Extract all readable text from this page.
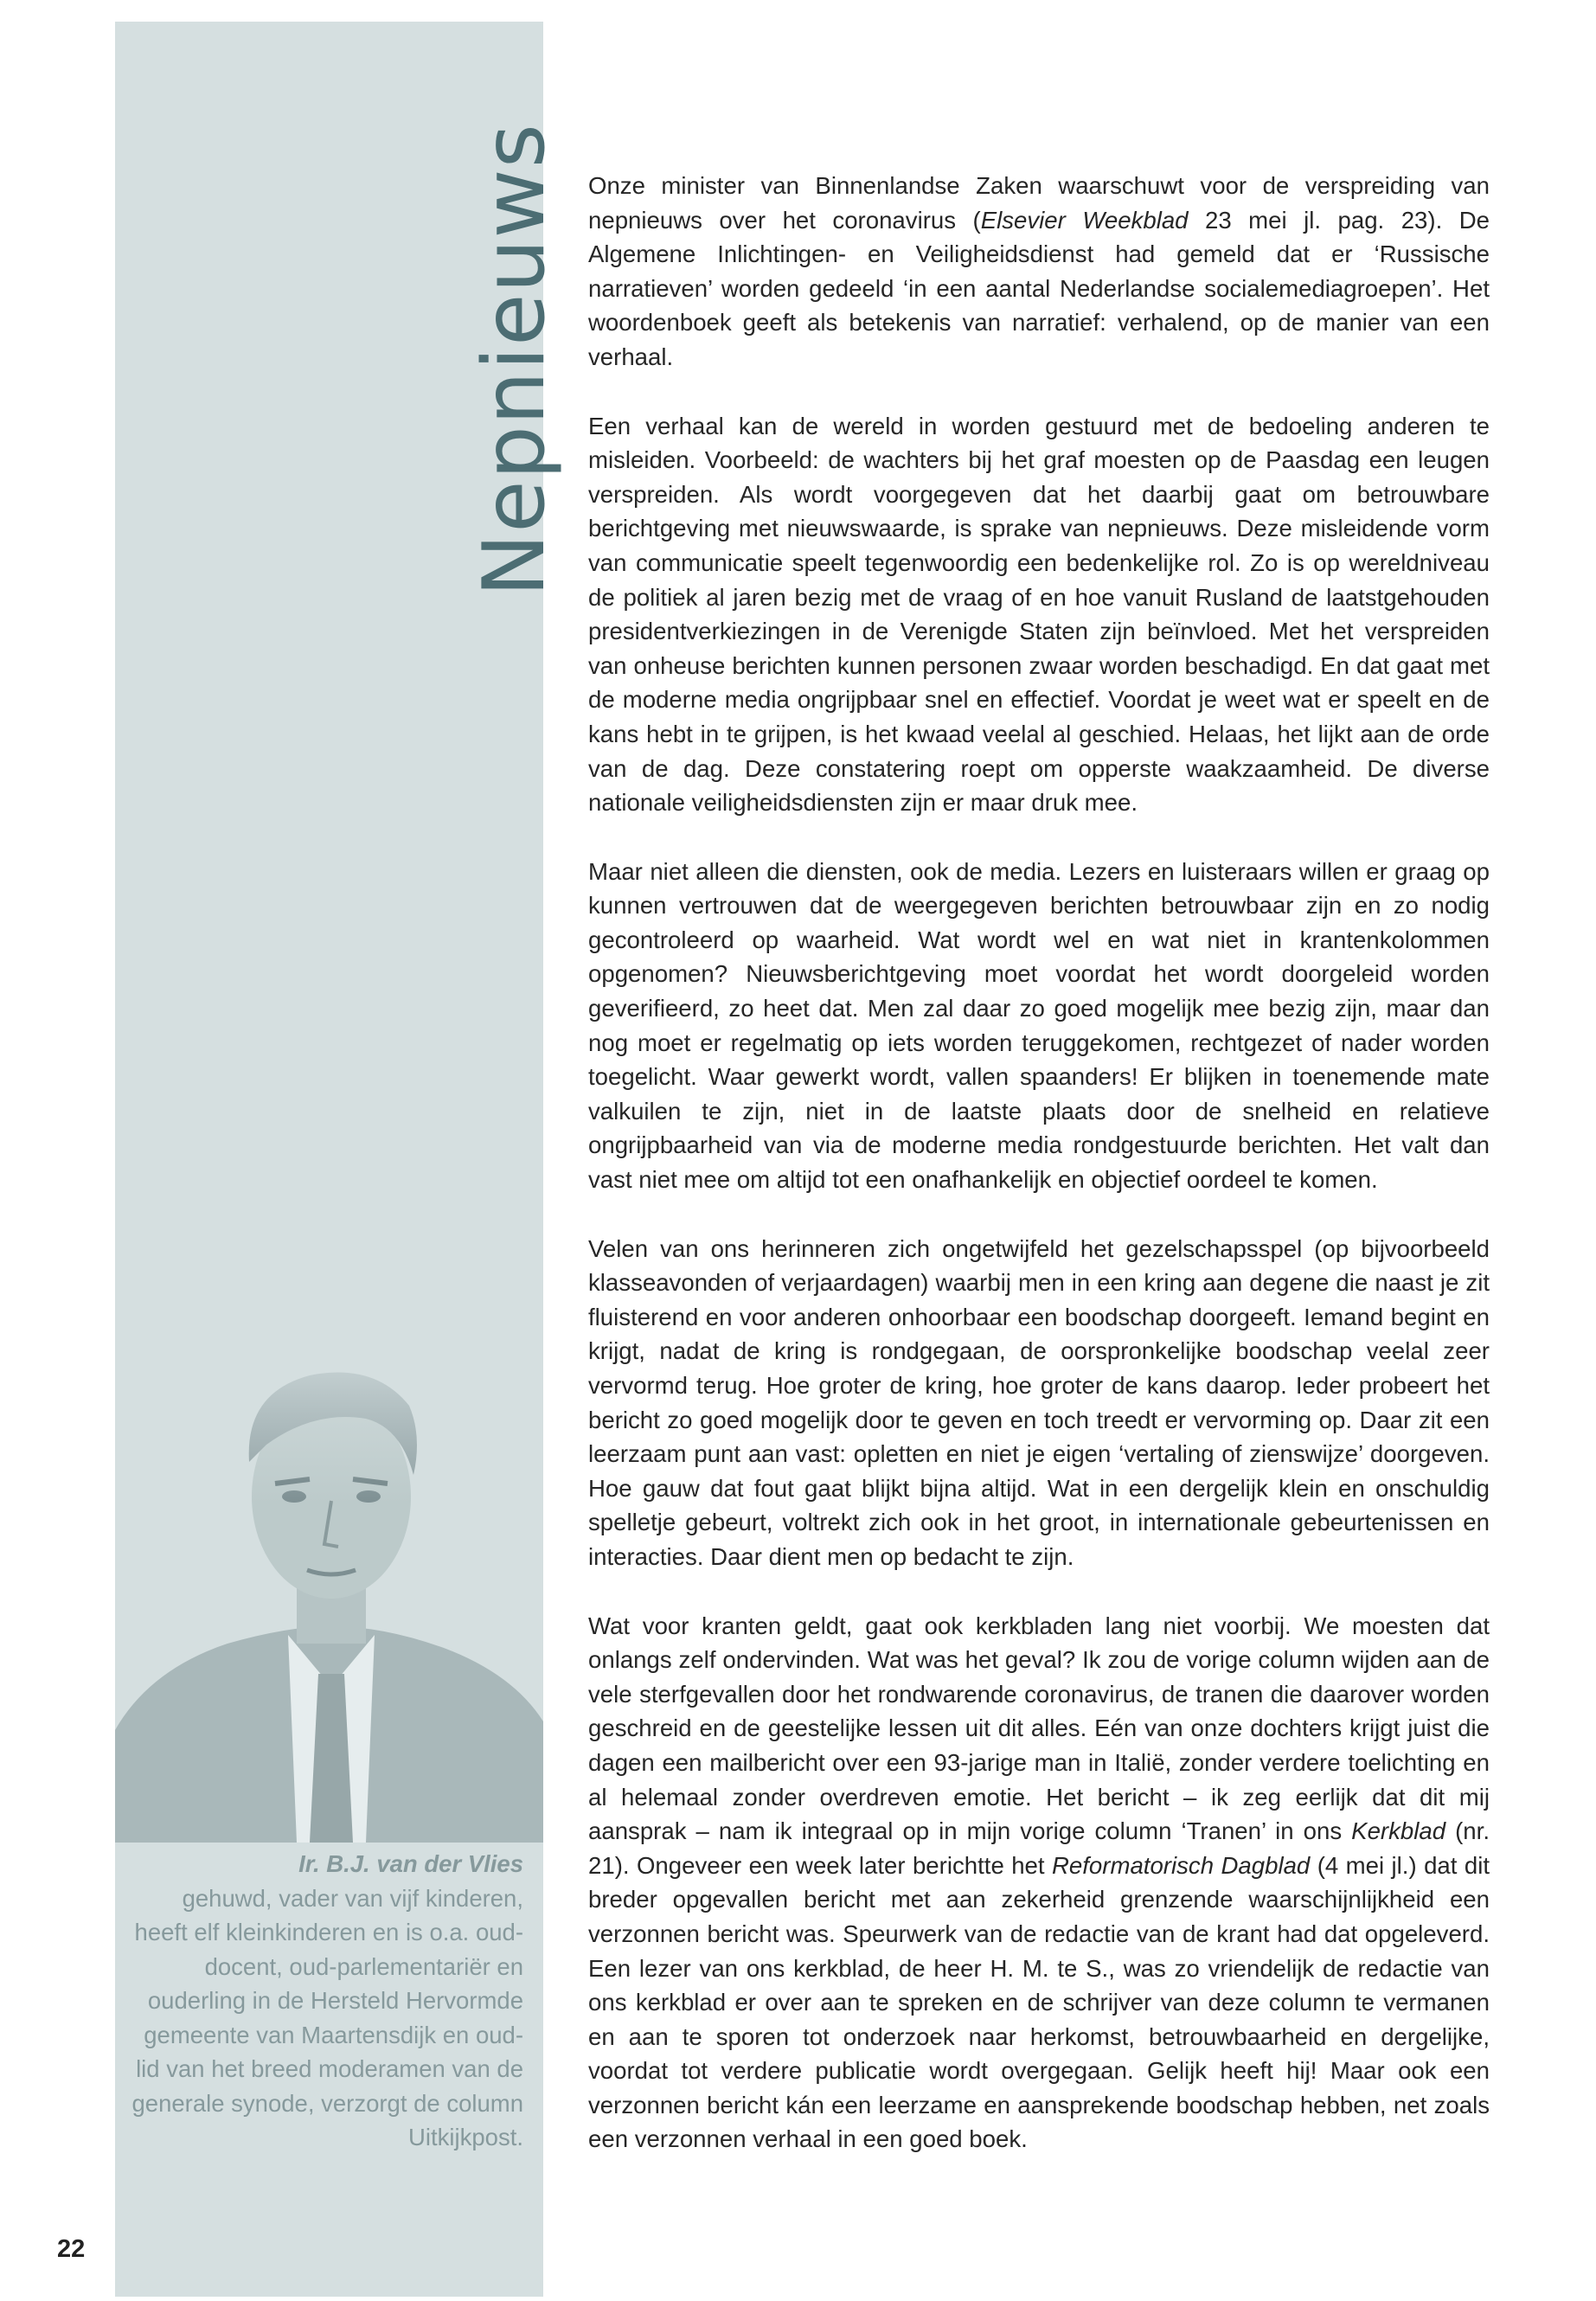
Nepnieuws
Ir. B.J. van der Vlies
gehuwd, vader van vijf kinderen, heeft elf kleinkinderen en is o.a. oud-docent, oud-parlementariër en ouderling in de Hersteld Hervormde gemeente van Maartensdijk en oud-lid van het breed moderamen van de generale synode, verzorgt de column Uitkijkpost.
22

Onze minister van Binnenlandse Zaken waarschuwt voor de verspreiding van nepnieuws over het coronavirus (Elsevier Weekblad 23 mei jl. pag. 23). De Algemene Inlichtingen- en Veiligheidsdienst had gemeld dat er ‘Russische narratieven’ worden gedeeld ‘in een aantal Nederlandse socialemediagroepen’. Het woordenboek geeft als betekenis van narratief: verhalend, op de manier van een verhaal.

Een verhaal kan de wereld in worden gestuurd met de bedoeling anderen te misleiden. Voorbeeld: de wachters bij het graf moesten op de Paasdag een leugen verspreiden. Als wordt voorgegeven dat het daarbij gaat om betrouwbare berichtgeving met nieuwswaarde, is sprake van nepnieuws. Deze misleidende vorm van communicatie speelt tegenwoordig een bedenkelijke rol. Zo is op wereldniveau de politiek al jaren bezig met de vraag of en hoe vanuit Rusland de laatstgehouden presidentverkiezingen in de Verenigde Staten zijn beïnvloed. Met het verspreiden van onheuse berichten kunnen personen zwaar worden beschadigd. En dat gaat met de moderne media ongrijpbaar snel en effectief. Voordat je weet wat er speelt en de kans hebt in te grijpen, is het kwaad veelal al geschied. Helaas, het lijkt aan de orde van de dag. Deze constatering roept om opperste waakzaamheid. De diverse nationale veiligheidsdiensten zijn er maar druk mee.

Maar niet alleen die diensten, ook de media. Lezers en luisteraars willen er graag op kunnen vertrouwen dat de weergegeven berichten betrouwbaar zijn en zo nodig gecontroleerd op waarheid. Wat wordt wel en wat niet in krantenkolommen opgenomen? Nieuwsberichtgeving moet voordat het wordt doorgeleid worden geverifieerd, zo heet dat. Men zal daar zo goed mogelijk mee bezig zijn, maar dan nog moet er regelmatig op iets worden teruggekomen, rechtgezet of nader worden toegelicht. Waar gewerkt wordt, vallen spaanders! Er blijken in toenemende mate valkuilen te zijn, niet in de laatste plaats door de snelheid en relatieve ongrijpbaarheid van via de moderne media rondgestuurde berichten. Het valt dan vast niet mee om altijd tot een onafhankelijk en objectief oordeel te komen.

Velen van ons herinneren zich ongetwijfeld het gezelschapsspel (op bijvoorbeeld klasseavonden of verjaardagen) waarbij men in een kring aan degene die naast je zit fluisterend en voor anderen onhoorbaar een boodschap doorgeeft. Iemand begint en krijgt, nadat de kring is rondgegaan, de oorspronkelijke boodschap veelal zeer vervormd terug. Hoe groter de kring, hoe groter de kans daarop. Ieder probeert het bericht zo goed mogelijk door te geven en toch treedt er vervorming op. Daar zit een leerzaam punt aan vast: opletten en niet je eigen ‘vertaling of zienswijze’ doorgeven. Hoe gauw dat fout gaat blijkt bijna altijd. Wat in een dergelijk klein en onschuldig spelletje gebeurt, voltrekt zich ook in het groot, in internationale gebeurtenissen en interacties. Daar dient men op bedacht te zijn.

Wat voor kranten geldt, gaat ook kerkbladen lang niet voorbij. We moesten dat onlangs zelf ondervinden. Wat was het geval? Ik zou de vorige column wijden aan de vele sterfgevallen door het rondwarende coronavirus, de tranen die daarover worden geschreid en de geestelijke lessen uit dit alles. Eén van onze dochters krijgt juist die dagen een mailbericht over een 93-jarige man in Italië, zonder verdere toelichting en al helemaal zonder overdreven emotie. Het bericht – ik zeg eerlijk dat dit mij aansprak – nam ik integraal op in mijn vorige column ‘Tranen’ in ons Kerkblad (nr. 21). Ongeveer een week later berichtte het Reformatorisch Dagblad (4 mei jl.) dat dit breder opgevallen bericht met aan zekerheid grenzende waarschijnlijkheid een verzonnen bericht was. Speurwerk van de redactie van de krant had dat opgeleverd. Een lezer van ons kerkblad, de heer H. M. te S., was zo vriendelijk de redactie van ons kerkblad er over aan te spreken en de schrijver van deze column te vermanen en aan te sporen tot onderzoek naar herkomst, betrouwbaarheid en dergelijke, voordat tot verdere publicatie wordt overgegaan. Gelijk heeft hij! Maar ook een verzonnen bericht kán een leerzame en aansprekende boodschap hebben, net zoals een verzonnen verhaal in een goed boek.
